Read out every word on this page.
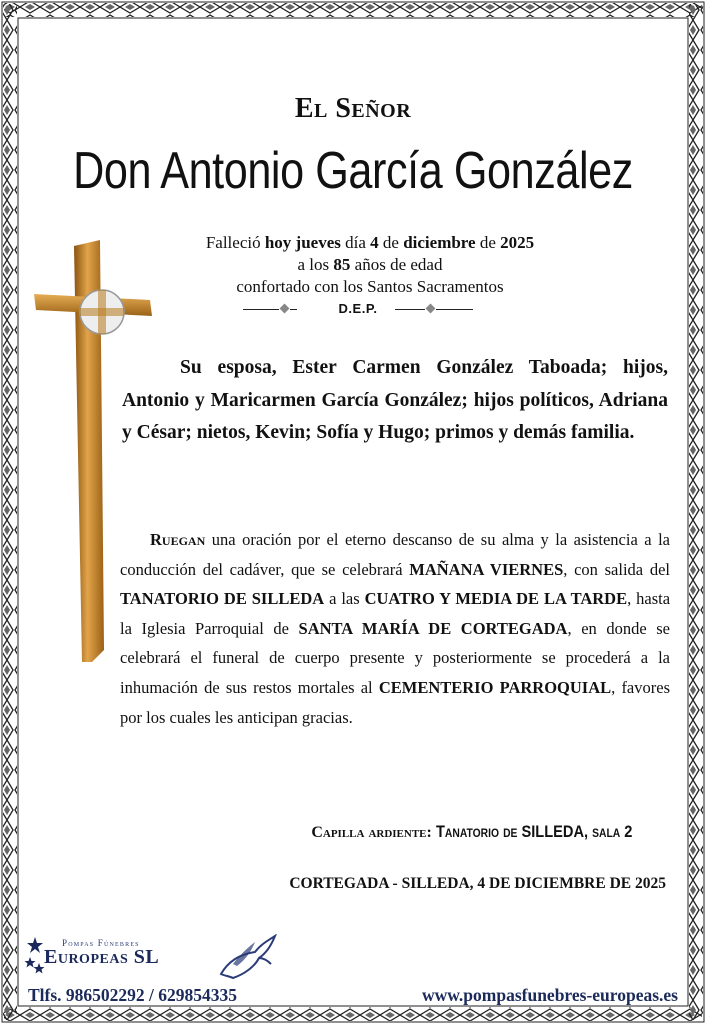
El Señor
Don Antonio García González
Falleció hoy jueves día 4 de diciembre de 2025
a los 85 años de edad
confortado con los Santos Sacramentos
D.E.P.
Su esposa, Ester Carmen González Taboada; hijos, Antonio y Maricarmen García González; hijos políticos, Adriana y César; nietos, Kevin; Sofía y Hugo; primos y demás familia.
Ruegan una oración por el eterno descanso de su alma y la asistencia a la conducción del cadáver, que se celebrará MAÑANA VIERNES, con salida del TANATORIO DE SILLEDA a las CUATRO Y MEDIA DE LA TARDE, hasta la Iglesia Parroquial de SANTA MARÍA DE CORTEGADA, en donde se celebrará el funeral de cuerpo presente y posteriormente se procederá a la inhumación de sus restos mortales al CEMENTERIO PARROQUIAL, favores por los cuales les anticipan gracias.
Capilla ardiente: Tanatorio de SILLEDA, sala 2
CORTEGADA - SILLEDA, 4 DE DICIEMBRE DE 2025
Pompas Fúnebres
Europeas SL
Tlfs. 986502292 / 629854335	www.pompasfunebres-europeas.es
